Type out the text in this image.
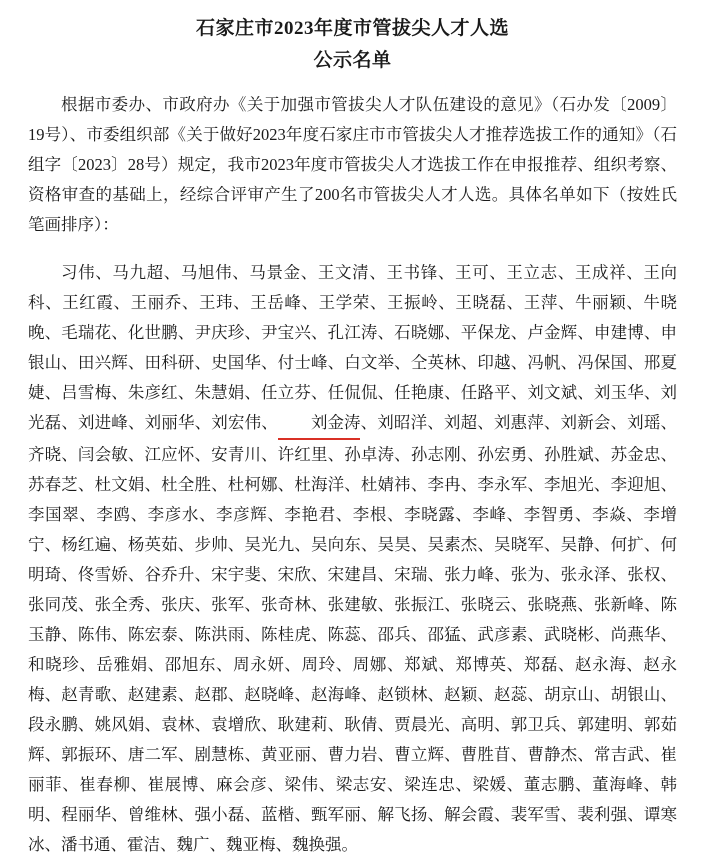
石家庄市2023年度市管拔尖人才人选
公示名单
根据市委办、市政府办《关于加强市管拔尖人才队伍建设的意见》（石办发〔2009〕19号）、市委组织部《关于做好2023年度石家庄市市管拔尖人才推荐选拔工作的通知》（石组字〔2023〕28号）规定，我市2023年度市管拔尖人才选拔工作在申报推荐、组织考察、资格审查的基础上，经综合评审产生了200名市管拔尖人才人选。具体名单如下（按姓氏笔画排序）：
习伟、马九超、马旭伟、马景金、王文清、王书锋、王可、王立志、王成祥、王向科、王红霞、王丽乔、王玮、王岳峰、王学荣、王振岭、王晓磊、王萍、牛丽颖、牛晓晚、毛瑞花、化世鹏、尹庆珍、尹宝兴、孔江涛、石晓娜、平保龙、卢金辉、申建博、申银山、田兴辉、田科研、史国华、付士峰、白文举、仝英林、印越、冯帆、冯保国、邢夏婕、吕雪梅、朱彦红、朱慧娟、任立芬、任侃侃、任艳康、任路平、刘文斌、刘玉华、刘光磊、刘进峰、刘丽华、刘宏伟、 刘金涛、刘昭洋、刘超、刘惠萍、刘新会、刘瑶、齐晓、闫会敏、江应怀、安青川、许红里、孙卓涛、孙志刚、孙宏勇、孙胜斌、苏金忠、苏春芝、杜文娟、杜全胜、杜柯娜、杜海洋、杜婧祎、李冉、李永军、李旭光、李迎旭、李国翠、李鸥、李彦水、李彦辉、李艳君、李根、李晓露、李峰、李智勇、李焱、李增宁、杨红遍、杨英茹、步帅、吴光九、吴向东、吴昊、吴素杰、吴晓军、吴静、何扩、何明琦、佟雪娇、谷乔升、宋宇斐、宋欣、宋建昌、宋瑞、张力峰、张为、张永泽、张权、张同茂、张全秀、张庆、张军、张奇林、张建敏、张振江、张晓云、张晓燕、张新峰、陈玉静、陈伟、陈宏泰、陈洪雨、陈桂虎、陈蕊、邵兵、邵猛、武彦素、武晓彬、尚燕华、和晓珍、岳雅娟、邵旭东、周永妍、周玲、周娜、郑斌、郑博英、郑磊、赵永海、赵永梅、赵青歌、赵建素、赵郡、赵晓峰、赵海峰、赵锁林、赵颖、赵蕊、胡京山、胡银山、段永鹏、姚风娟、袁林、袁增欣、耿建莉、耿倩、贾晨光、高明、郭卫兵、郭建明、郭茹辉、郭振环、唐二军、剧慧栋、黄亚丽、曹力岩、曹立辉、曹胜苜、曹静杰、常吉武、崔丽菲、崔春柳、崔展博、麻会彦、梁伟、梁志安、梁连忠、梁媛、董志鹏、董海峰、韩明、程丽华、曾维林、强小磊、蓝楷、甄军丽、解飞扬、解会霞、裴军雪、裴利强、谭寒冰、潘书通、霍洁、魏广、魏亚梅、魏换强。
